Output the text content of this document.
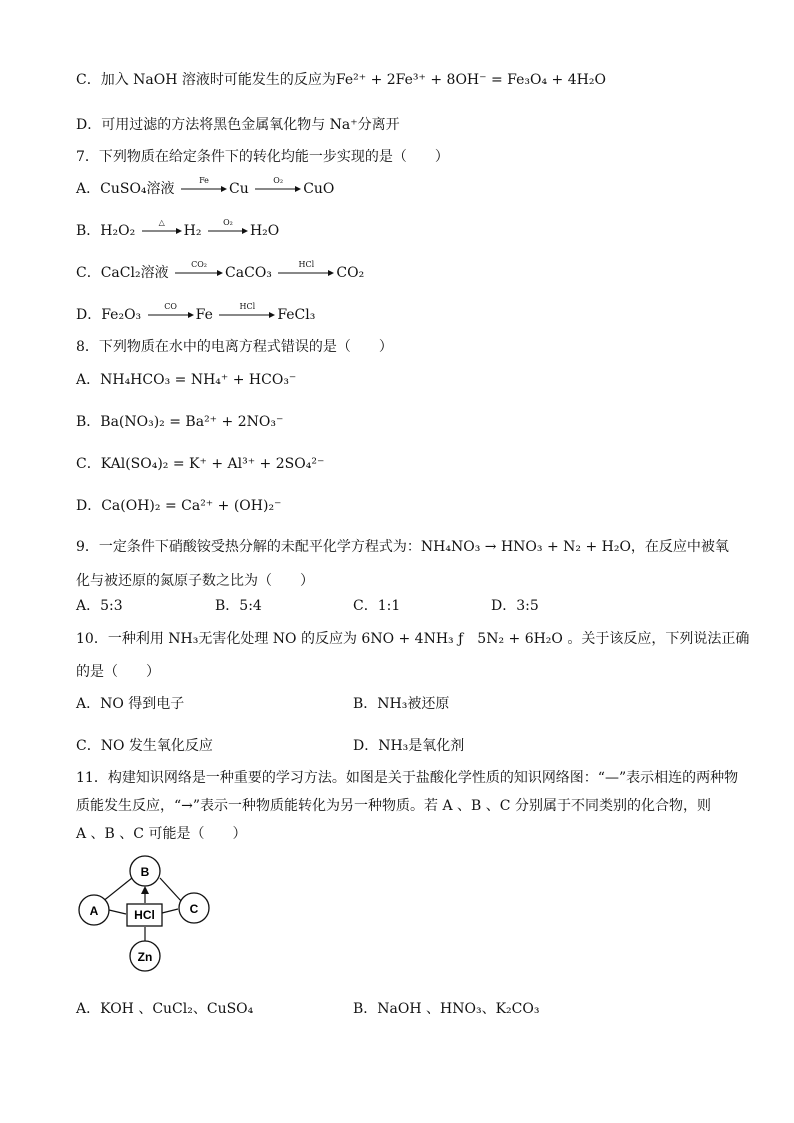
C．加入 NaOH 溶液时可能发生的反应为Fe²⁺ + 2Fe³⁺ + 8OH⁻ = Fe₃O₄ + 4H₂O
D．可用过滤的方法将黑色金属氧化物与 Na⁺分离开
7．下列物质在给定条件下的转化均能一步实现的是（　　）
A．CuSO₄溶液
Fe
Cu
O₂
CuO
B．H₂O₂
△
H₂
O₂
H₂O
C．CaCl₂溶液
CO₂
CaCO₃
HCl
CO₂
D．Fe₂O₃
CO
Fe
HCl
FeCl₃
8．下列物质在水中的电离方程式错误的是（　　）
A．NH₄HCO₃ = NH₄⁺ + HCO₃⁻
B．Ba(NO₃)₂ = Ba²⁺ + 2NO₃⁻
C．KAl(SO₄)₂ = K⁺ + Al³⁺ + 2SO₄²⁻
D．Ca(OH)₂ = Ca²⁺ + (OH)₂⁻
9．一定条件下硝酸铵受热分解的未配平化学方程式为：NH₄NO₃ → HNO₃ + N₂ + H₂O，在反应中被氧
化与被还原的氮原子数之比为（　　）
A．5:3	B．5:4	C．1:1	D．3:5
10．一种利用 NH₃无害化处理 NO 的反应为 6NO + 4NH₃ ƒ　5N₂ + 6H₂O 。关于该反应，下列说法正确
的是（　　）
A．NO 得到电子	B．NH₃被还原
C．NO 发生氧化反应	D．NH₃是氧化剂
11．构建知识网络是一种重要的学习方法。如图是关于盐酸化学性质的知识网络图：“—”表示相连的两种物
质能发生反应，“→”表示一种物质能转化为另一种物质。若 A 、B 、C 分别属于不同类别的化合物，则
A 、B 、C 可能是（　　）
B
A	C
HCl
Zn
A．KOH 、CuCl₂、CuSO₄	B．NaOH 、HNO₃、K₂CO₃
